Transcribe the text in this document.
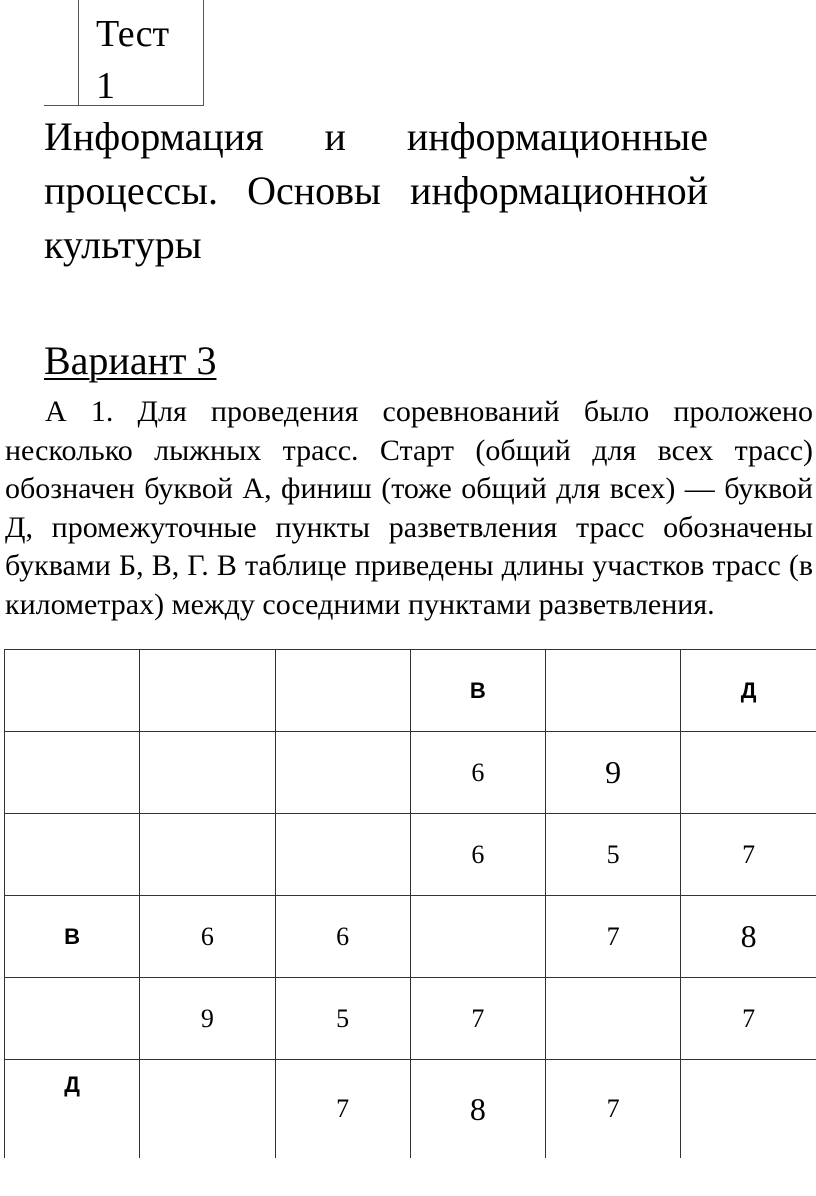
Тест 1
Информация и информационные процессы. Основы информационной культуры
Вариант 3
А 1. Для проведения соревнований было проложено несколько лыжных трасс. Старт (общий для всех трасс) обозначен буквой А, финиш (тоже общий для всех) — буквой Д, промежуточные пункты разветвления трасс обозначены буквами Б, В, Г. В таблице приведены длины участков трасс (в километрах) между соседними пунктами разветвления.
			В		Д
			6	9	
			6	5	7
В	6	6		7	8
	9	5	7		7
Д		7	8	7	
